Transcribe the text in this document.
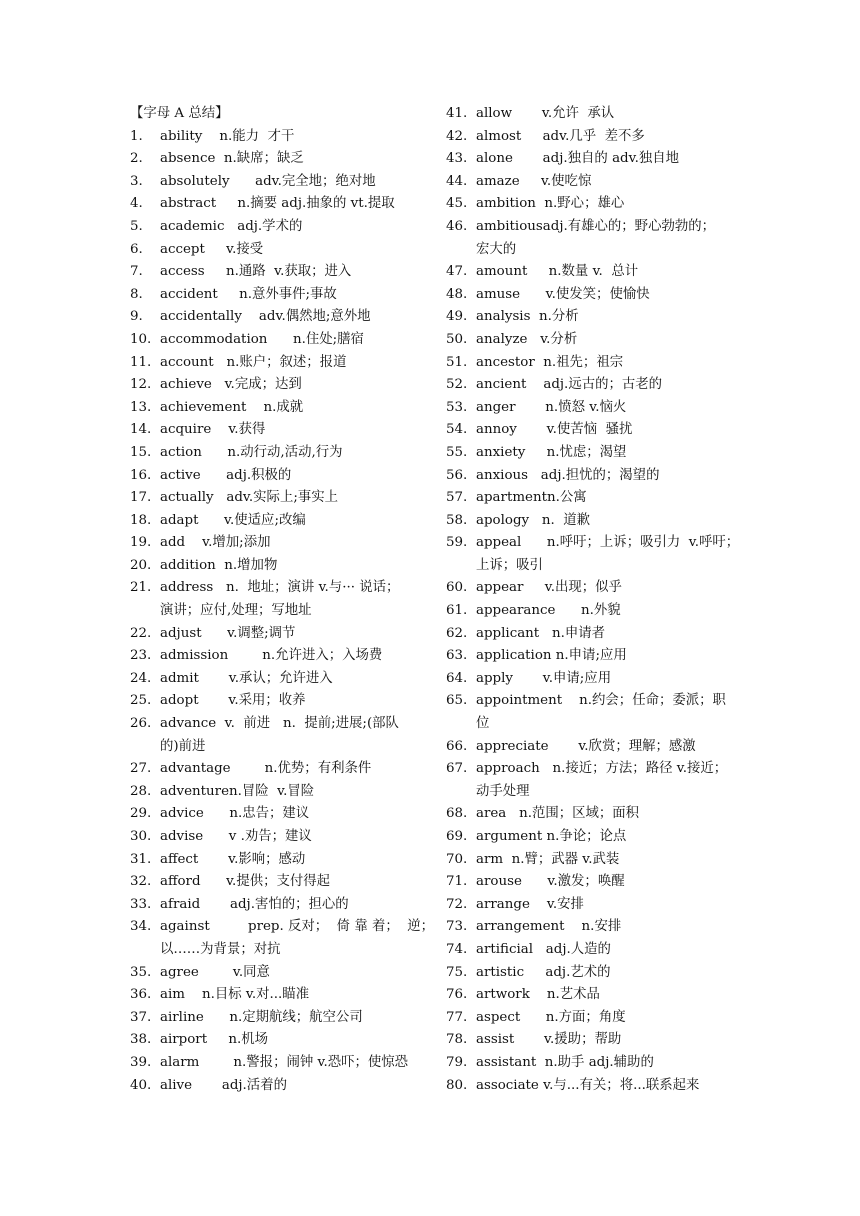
【字母 A 总结】
1. ability    n.能力  才干
2. absence  n.缺席；缺乏
3. absolutely      adv.完全地；绝对地
4. abstract     n.摘要 adj.抽象的 vt.提取
5. academic   adj.学术的
6. accept     v.接受
7. access     n.通路  v.获取；进入
8. accident     n.意外事件;事故
9. accidentally    adv.偶然地;意外地
10. accommodation      n.住处;膳宿
11. account   n.账户；叙述；报道
12. achieve   v.完成；达到
13. achievement    n.成就
14. acquire    v.获得
15. action      n.动行动,活动,行为
16. active      adj.积极的
17. actually   adv.实际上;事实上
18. adapt      v.使适应;改编
19. add    v.增加;添加
20. addition  n.增加物
21. address   n.  地址；演讲 v.与··· 说话；
演讲；应付,处理；写地址
22. adjust      v.调整;调节
23. admission        n.允许进入；入场费
24. admit       v.承认；允许进入
25. adopt       v.采用；收养
26. advance  v.  前进   n.  提前;进展;(部队
的)前进
27. advantage        n.优势；有利条件
28. adventuren.冒险  v.冒险
29. advice      n.忠告；建议
30. advise      v .劝告；建议
31. affect       v.影响；感动
32. afford      v.提供；支付得起
33. afraid       adj.害怕的；担心的
34. against         prep. 反对；  倚 靠 着；  逆；
以……为背景；对抗
35. agree        v.同意
36. aim    n.目标 v.对...瞄准
37. airline      n.定期航线；航空公司
38. airport     n.机场
39. alarm        n.警报；闹钟 v.恐吓；使惊恐
40. alive       adj.活着的
41. allow       v.允许  承认
42. almost     adv.几乎  差不多
43. alone       adj.独自的 adv.独自地
44. amaze     v.使吃惊
45. ambition  n.野心；雄心
46. ambitiousadj.有雄心的；野心勃勃的；
宏大的
47. amount     n.数量 v.  总计
48. amuse      v.使发笑；使愉快
49. analysis  n.分析
50. analyze   v.分析
51. ancestor  n.祖先；祖宗
52. ancient    adj.远古的；古老的
53. anger       n.愤怒 v.恼火
54. annoy       v.使苦恼  骚扰
55. anxiety     n.忧虑；渴望
56. anxious   adj.担忧的；渴望的
57. apartmentn.公寓
58. apology   n.  道歉
59. appeal      n.呼吁；上诉；吸引力  v.呼吁；
上诉；吸引
60. appear     v.出现；似乎
61. appearance      n.外貌
62. applicant   n.申请者
63. application n.申请;应用
64. apply       v.申请;应用
65. appointment    n.约会；任命；委派；职
位
66. appreciate       v.欣赏；理解；感激
67. approach   n.接近；方法；路径 v.接近；
动手处理
68. area   n.范围；区域；面积
69. argument n.争论；论点
70. arm  n.臂；武器 v.武装
71. arouse      v.激发；唤醒
72. arrange    v.安排
73. arrangement    n.安排
74. artificial   adj.人造的
75. artistic     adj.艺术的
76. artwork    n.艺术品
77. aspect      n.方面；角度
78. assist       v.援助；帮助
79. assistant  n.助手 adj.辅助的
80. associate v.与...有关；将...联系起来
